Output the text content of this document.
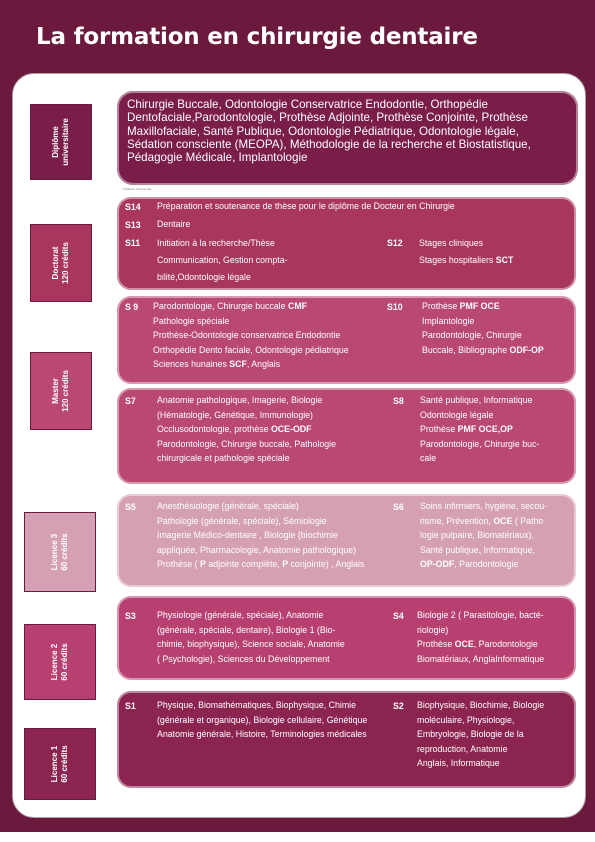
La formation en chirurgie dentaire
Diplôme universitaire
Doctorat 120 crédits
Master
120 crédits
Licence 3 60 crédits
Licence 2 60 crédits
Licence 1 60 crédits
Chirurgie Buccale, Odontologie Conservatrice Endodontie, Orthopédie
Dentofaciale,Parodontologie, Prothèse Adjointe, Prothèse Conjointe, Prothèse
Maxillofaciale, Santé Publique, Odontologie Pédiatrique, Odontologie légale,
Sédation consciente (MEOPA), Méthodologie de la recherche et Biostatistique,
Pédagogie Médicale, Implantologie
• Diplôme d'Université
S14 Préparation et soutenance de thèse pour le diplôme de Docteur en Chirurgie
S13 Dentaire
S11 Initiation à la recherche/Thèse
Communication, Gestion compta-
bilité,Odontologie légale
S12 Stages cliniques
Stages hospitaliers SCT
S 9 Parodontologie, Chirurgie buccale CMF
Pathologie spéciale
Prothèse-Odontologie conservatrice Endodontie
Orthopédie Dento faciale, Odontologie pédiatrique
Sciences hunaines SCF, Anglais
S10 Prothèse PMF OCE
Implantologie
Parodontologie, Chirurgie
Buccale, Bibliographe ODF-OP
S7 Anatomie pathologique, Imagerie, Biologie
(Hématologie, Génétique, Immunologie)
Occlusodontologie, prothèse OCE-ODF
Parodontologie, Chirurgie buccale, Pathologie
chirurgicale et pathologie spéciale
S8 Santé publique, Informatique
Odontologie légale
Prothèse PMF OCE,OP
Parodontologie, Chirurgie buc-
cale
S5 Anesthésiologie (générale, spéciale)
Pathologie (générale, spéciale), Sémiologie
Imagerie Médico-dentaire , Biologie (biochimie
appliquée, Pharmacologie, Anatomie pathologique)
Prothèse ( P adjointe complète, P conjointe) , Anglais
S6 Soins infirmiers, hygiène, secou-
risme, Prévention, OCE ( Patho
logie pulpaire, Biomatériaux),
Santé publique, Informatique,
OP-ODF, Parodontologie
S3 Physiologie (générale, spéciale), Anatomie
(générale, spéciale, dentaire), Biologie 1 (Bio-
chimie, biophysique), Science sociale, Anatomie
( Psychologie), Sciences du Développement
S4 Biologie 2 ( Parasitologie, bacté-
riologie)
Prothèse OCE, Parodontologie
Biomatériaux, AnglaInformatique
S1 Physique, Biomathématiques, Biophysique, Chimie
(générale et organique), Biologie cellulaire, Génétique
Anatomie générale, Histoire, Terminologies médicales
S2 Biophysique, Biochimie, Biologie
moléculaire, Physiologie,
Embryologie, Biologie de la
reproduction, Anatomie
Anglais, Informatique
